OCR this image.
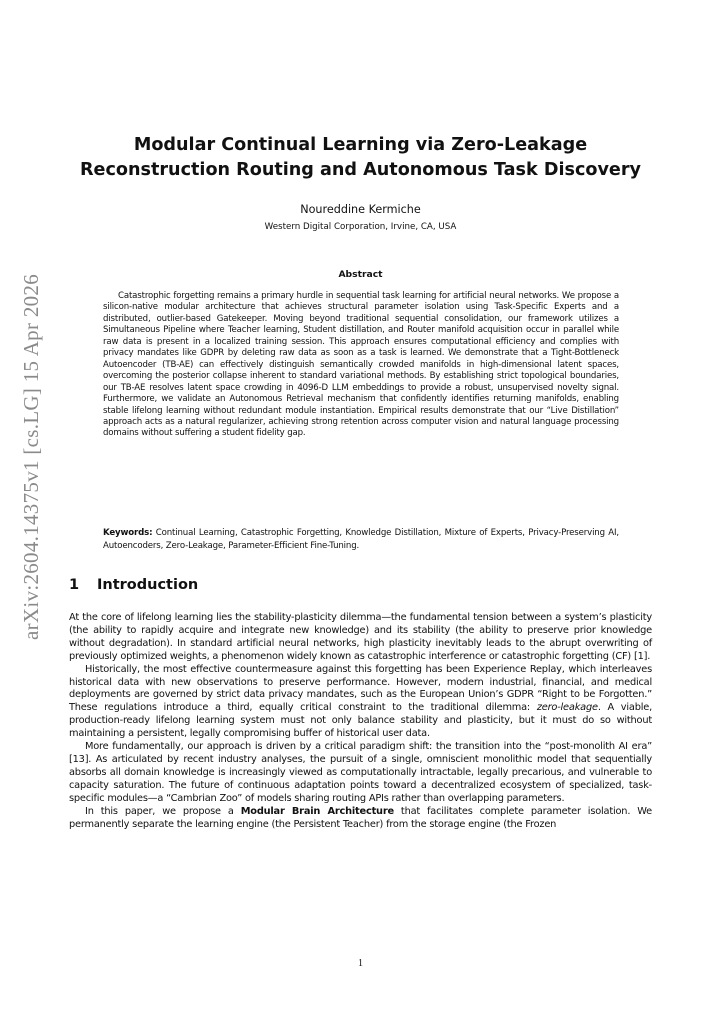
arXiv:2604.14375v1 [cs.LG] 15 Apr 2026
Modular Continual Learning via Zero-Leakage Reconstruction Routing and Autonomous Task Discovery
Noureddine Kermiche
Western Digital Corporation, Irvine, CA, USA
Abstract
Catastrophic forgetting remains a primary hurdle in sequential task learning for artificial neural networks. We propose a silicon-native modular architecture that achieves structural parameter isolation using Task-Specific Experts and a distributed, outlier-based Gatekeeper. Moving beyond traditional sequential consolidation, our framework utilizes a Simultaneous Pipeline where Teacher learning, Student distillation, and Router manifold acquisition occur in parallel while raw data is present in a localized training session. This approach ensures computational efficiency and complies with privacy mandates like GDPR by deleting raw data as soon as a task is learned. We demonstrate that a Tight-Bottleneck Autoencoder (TB-AE) can effectively distinguish semantically crowded manifolds in high-dimensional latent spaces, overcoming the posterior collapse inherent to standard variational methods. By establishing strict topological boundaries, our TB-AE resolves latent space crowding in 4096-D LLM embeddings to provide a robust, unsupervised novelty signal. Furthermore, we validate an Autonomous Retrieval mechanism that confidently identifies returning manifolds, enabling stable lifelong learning without redundant module instantiation. Empirical results demonstrate that our “Live Distillation” approach acts as a natural regularizer, achieving strong retention across computer vision and natural language processing domains without suffering a student fidelity gap.
Keywords: Continual Learning, Catastrophic Forgetting, Knowledge Distillation, Mixture of Experts, Privacy-Preserving AI, Autoencoders, Zero-Leakage, Parameter-Efficient Fine-Tuning.
1 Introduction

At the core of lifelong learning lies the stability-plasticity dilemma—the fundamental tension between a system’s plasticity (the ability to rapidly acquire and integrate new knowledge) and its stability (the ability to preserve prior knowledge without degradation). In standard artificial neural networks, high plasticity inevitably leads to the abrupt overwriting of previously optimized weights, a phenomenon widely known as catastrophic interference or catastrophic forgetting (CF) [1].

Historically, the most effective countermeasure against this forgetting has been Experience Replay, which interleaves historical data with new observations to preserve performance. However, modern industrial, financial, and medical deployments are governed by strict data privacy mandates, such as the European Union’s GDPR “Right to be Forgotten.” These regulations introduce a third, equally critical constraint to the traditional dilemma: zero-leakage. A viable, production-ready lifelong learning system must not only balance stability and plasticity, but it must do so without maintaining a persistent, legally compromising buffer of historical user data.

More fundamentally, our approach is driven by a critical paradigm shift: the transition into the “post-monolith AI era” [13]. As articulated by recent industry analyses, the pursuit of a single, omniscient monolithic model that sequentially absorbs all domain knowledge is increasingly viewed as computationally intractable, legally precarious, and vulnerable to capacity saturation. The future of continuous adaptation points toward a decentralized ecosystem of specialized, task-specific modules—a “Cambrian Zoo” of models sharing routing APIs rather than overlapping parameters.

In this paper, we propose a Modular Brain Architecture that facilitates complete parameter isolation. We permanently separate the learning engine (the Persistent Teacher) from the storage engine (the Frozen

1
